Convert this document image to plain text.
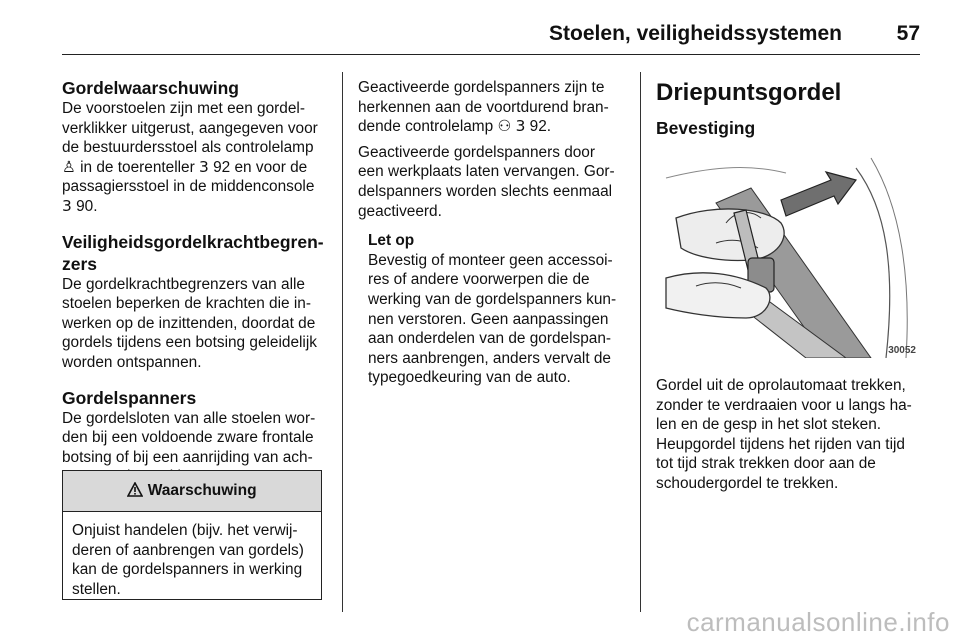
Stoelen, veiligheidssystemen	57
Gordelwaarschuwing

De voorstoelen zijn met een gordel-verklikker uitgerust, aangegeven voor de bestuurdersstoel als controlelamp ♙ in de toerenteller 3 92 en voor de passagiersstoel in de middenconsole 3 90.

Veiligheidsgordelkrachtbegren-zers

De gordelkrachtbegrenzers van alle stoelen beperken de krachten die in-werken op de inzittenden, doordat de gordels tijdens een botsing geleidelijk worden ontspannen.

Gordelspanners

De gordelsloten van alle stoelen wor-den bij een voldoende zware frontale botsing of bij een aanrijding van ach-

Waarschuwing
Onjuist handelen (bijv. het verwij-deren of aanbrengen van gordels) kan de gordelspanners in werking stellen.

Geactiveerde gordelspanners zijn te herkennen aan de voortdurend bran-dende controlelamp ⚇ 3 92.

Geactiveerde gordelspanners door een werkplaats laten vervangen. Gor-delspanners worden slechts eenmaal geactiveerd.

Let op
Bevestig of monteer geen accessoi-res of andere voorwerpen die de werking van de gordelspanners kun-nen verstoren. Geen aanpassingen aan onderdelen van de gordelspan-ners aanbrengen, anders vervalt de typegoedkeuring van de auto.
Driepuntsgordel
Bevestiging
30052

Gordel uit de oprolautomaat trekken, zonder te verdraaien voor u langs ha-len en de gesp in het slot steken.

Heupgordel tijdens het rijden van tijd tot tijd strak trekken door aan de schoudergordel te trekken.

carmanualsonline.info
